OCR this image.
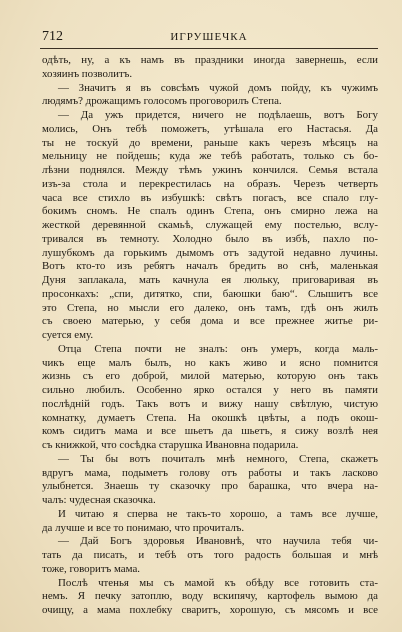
712	ИГРУШЕЧКА
одѣть, ну, а къ намъ въ праздники иногда завернешь, если
хозяинъ позволитъ.
— Значитъ я въ совсѣмъ чужой домъ пойду, къ чужимъ
людямъ? дрожащимъ голосомъ проговорилъ Степа.
— Да ужъ придется, ничего не подѣлаешь, вотъ Богу
молись, Онъ тебѣ поможетъ, утѣшала его Настасья. Да
ты не тоскуй до времени, раньше какъ черезъ мѣсяцъ на
мельницу не пойдешь; куда же тебѣ работать, только съ бо-
лѣзни поднялся. Между тѣмъ ужинъ кончился. Семья встала
изъ-за стола и перекрестилась на образъ. Черезъ четверть
часа все стихло въ избушкѣ: свѣтъ погасъ, все спало глу-
бокимъ сномъ. Не спалъ одинъ Степа, онъ смирно лежа на
жесткой деревянной скамьѣ, служащей ему постелью, вслу-
тривался въ темноту. Холодно было въ избѣ, пахло по-
лушубкомъ да горькимъ дымомъ отъ задутой недавно лучины.
Вотъ кто-то изъ ребятъ началъ бредить во снѣ, маленькая
Дуня заплакала, мать качнула ея люльку, приговаривая въ
просонкахъ: „спи, дитятко, спи, баюшки баю“. Слышитъ все
это Степа, но мысли его далеко, онъ тамъ, гдѣ онъ жилъ
съ своею матерью, у себя дома и все прежнее житье ри-
суется ему.
Отца Степа почти не зналъ: онъ умеръ, когда маль-
чикъ еще малъ былъ, но какъ живо и ясно помнится
жизнь съ его доброй, милой матерью, которую онъ такъ
сильно любилъ. Особенно ярко остался у него въ памяти
послѣдній годъ. Такъ вотъ и вижу нашу свѣтлую, чистую
комнатку, думаетъ Степа. На окошкѣ цвѣты, а подъ окош-
комъ сидитъ мама и все шьетъ да шьетъ, я сижу возлѣ нея
съ книжкой, что сосѣдка старушка Ивановна подарила.
— Ты бы вотъ почиталъ мнѣ немного, Степа, скажетъ
вдругъ мама, подыметъ голову отъ работы и такъ ласково
улыбнется. Знаешь ту сказочку про барашка, что вчера на-
чалъ: чудесная сказочка.
И читаю я сперва не такъ-то хорошо, а тамъ все лучше,
да лучше и все то понимаю, что прочиталъ.
— Дай Богъ здоровья Ивановнѣ, что научила тебя чи-
тать да писать, и тебѣ отъ того радость большая и мнѣ
тоже, говоритъ мама.
Послѣ чтенья мы съ мамой къ обѣду все готовить ста-
немъ. Я печку затоплю, воду вскипячу, картофель вымою да
очищу, а мама похлебку сваритъ, хорошую, съ мясомъ и все
